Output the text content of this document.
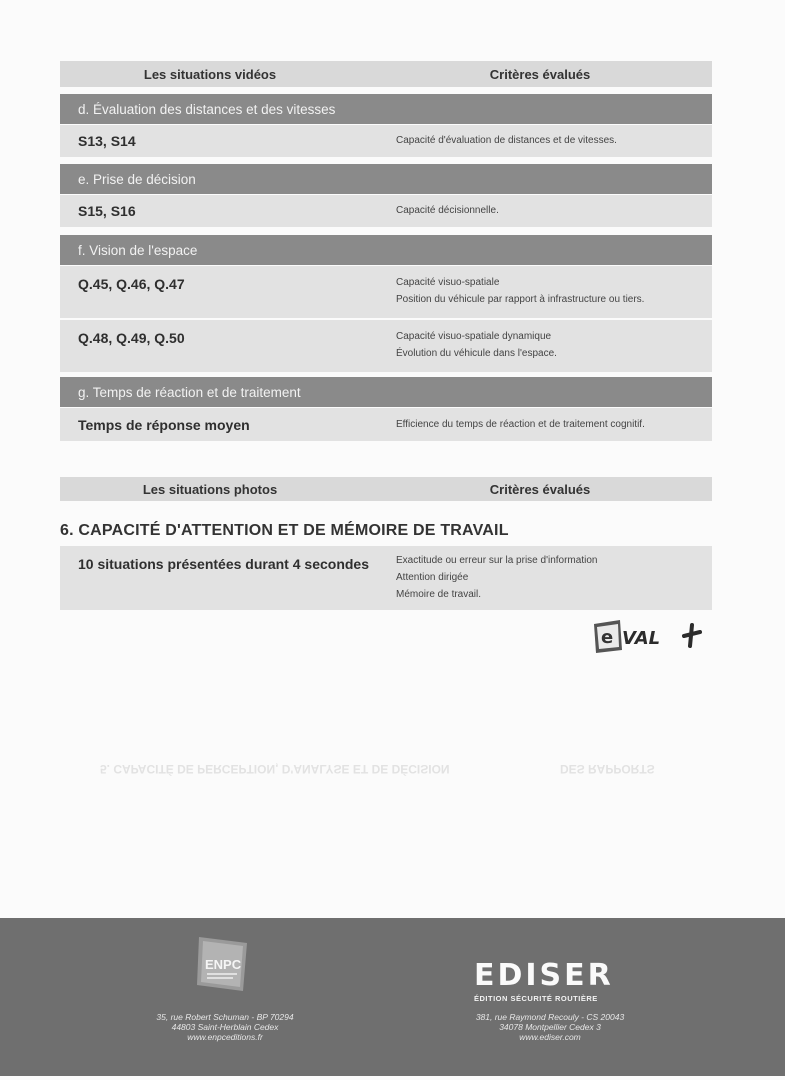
5. CAPACITÉ DE PERCEPTION, D'ANALYSE ET DE DÉCISION	DES RAPPORTS
Les situations vidéos	Critères évalués
d. Évaluation des distances et des vitesses
S13, S14	Capacité d'évaluation de distances et de vitesses.
e. Prise de décision
S15, S16	Capacité décisionnelle.
f. Vision de l'espace
Q.45, Q.46, Q.47	Capacité visuo-spatiale
Position du véhicule par rapport à infrastructure ou tiers.
Q.48, Q.49, Q.50	Capacité visuo-spatiale dynamique
Évolution du véhicule dans l'espace.
g. Temps de réaction et de traitement
Temps de réponse moyen	Efficience du temps de réaction et de traitement cognitif.
Les situations photos	Critères évalués
6. CAPACITÉ D'ATTENTION ET DE MÉMOIRE DE TRAVAIL
10 situations présentées durant 4 secondes	Exactitude ou erreur sur la prise d'information
Attention dirigée
Mémoire de travail.
e VAL
ENPC
35, rue Robert Schuman - BP 70294
44803 Saint-Herblain Cedex
www.enpceditions.fr
EDISER
ÉDITION SÉCURITÉ ROUTIÈRE
381, rue Raymond Recouly - CS 20043
34078 Montpellier Cedex 3
www.ediser.com
